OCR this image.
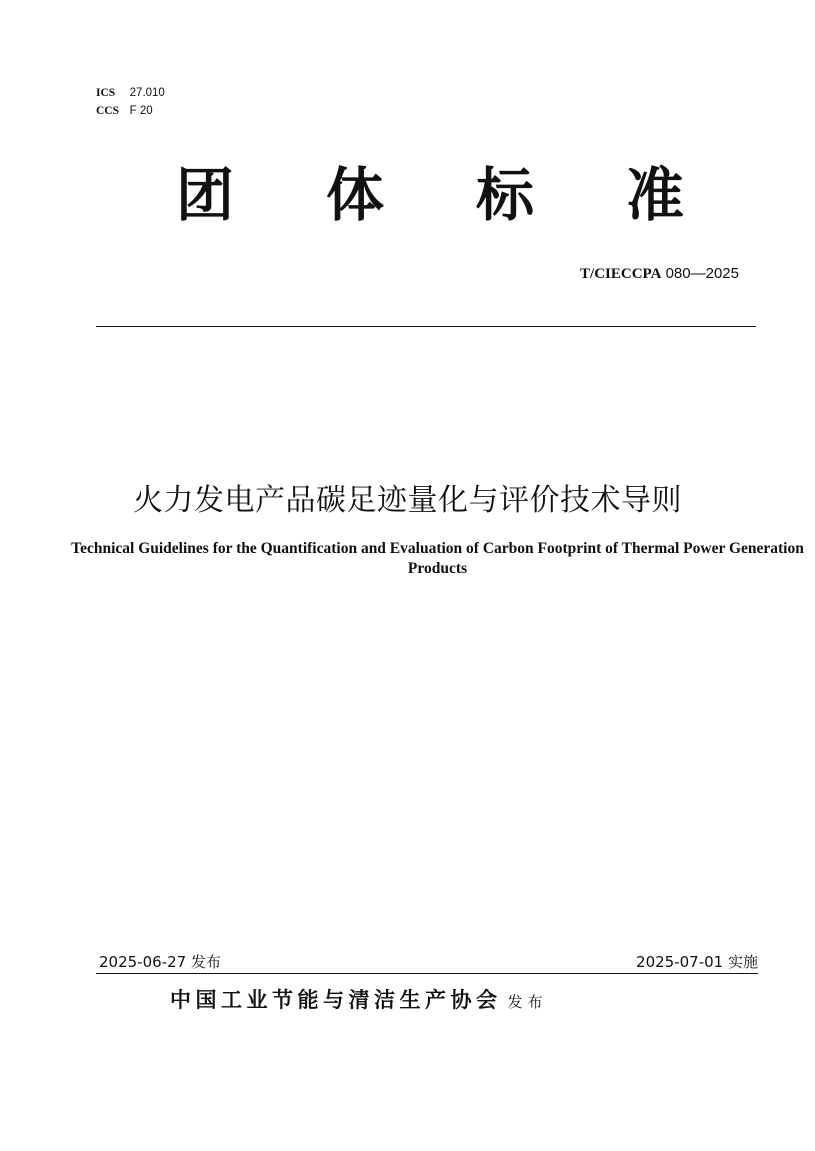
ICS 27.010
CCS F 20
团	体	标	准
T/CIECCPA 080—2025
火力发电产品碳足迹量化与评价技术导则
Technical Guidelines for the Quantification and Evaluation of Carbon Footprint of Thermal Power Generation Products
2025-06-27 发布	2025-07-01 实施
中国工业节能与清洁生产协会 发布
